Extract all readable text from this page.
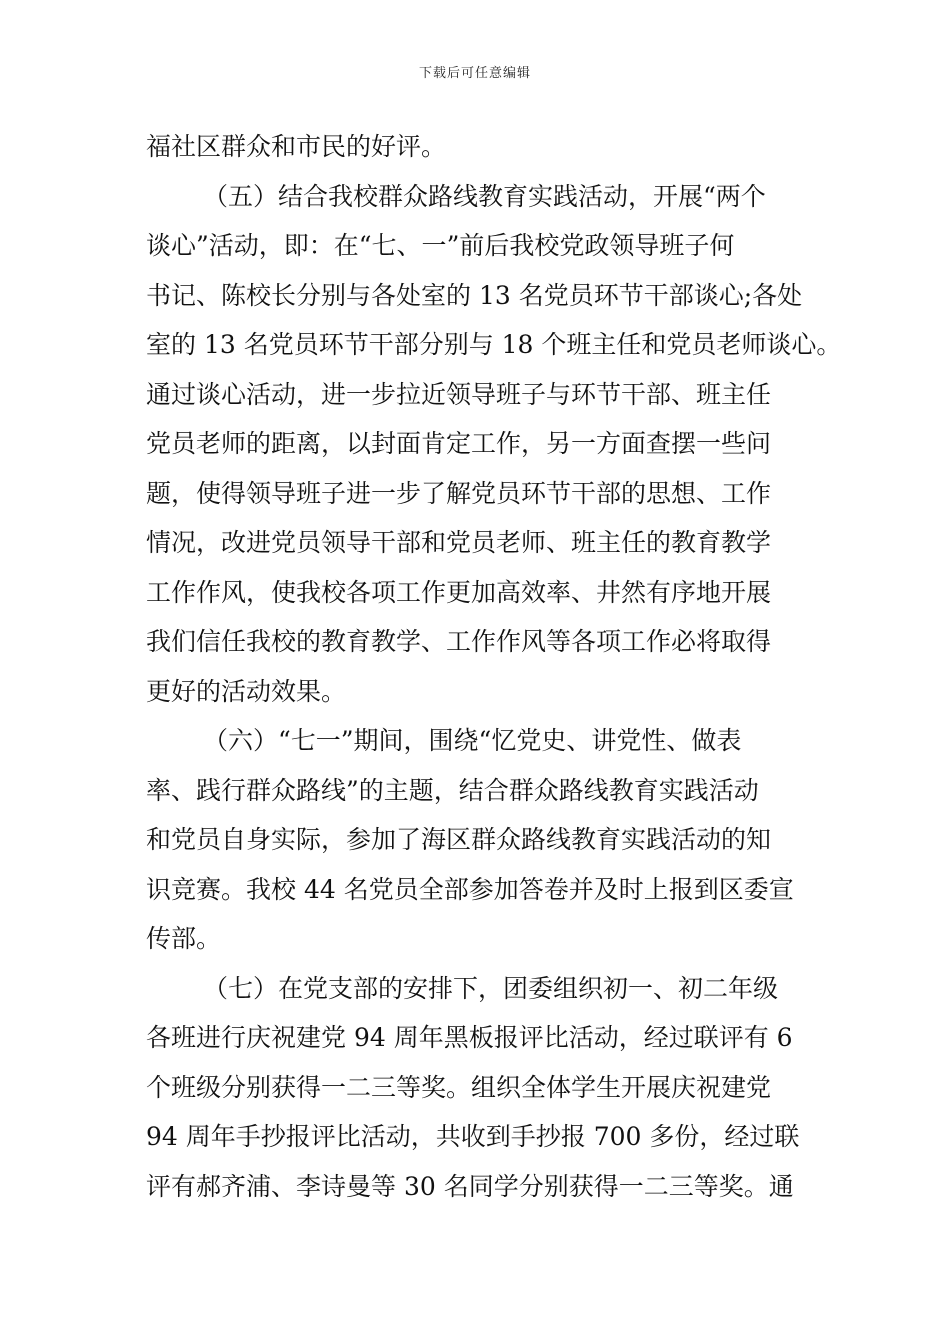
下载后可任意编辑
福社区群众和市民的好评。
（五）结合我校群众路线教育实践活动，开展“两个
谈心”活动，即：在“七、一”前后我校党政领导班子何
书记、陈校长分别与各处室的 13 名党员环节干部谈心;各处
室的 13 名党员环节干部分别与 18 个班主任和党员老师谈心。
通过谈心活动，进一步拉近领导班子与环节干部、班主任
党员老师的距离，以封面肯定工作，另一方面查摆一些问
题，使得领导班子进一步了解党员环节干部的思想、工作
情况，改进党员领导干部和党员老师、班主任的教育教学
工作作风，使我校各项工作更加高效率、井然有序地开展
我们信任我校的教育教学、工作作风等各项工作必将取得
更好的活动效果。
（六）“七一”期间，围绕“忆党史、讲党性、做表
率、践行群众路线”的主题，结合群众路线教育实践活动
和党员自身实际，参加了海区群众路线教育实践活动的知
识竞赛。我校 44 名党员全部参加答卷并及时上报到区委宣
传部。
（七）在党支部的安排下，团委组织初一、初二年级
各班进行庆祝建党 94 周年黑板报评比活动，经过联评有 6
个班级分别获得一二三等奖。组织全体学生开展庆祝建党
94 周年手抄报评比活动，共收到手抄报 700 多份，经过联
评有郝齐浦、李诗曼等 30 名同学分别获得一二三等奖。通
